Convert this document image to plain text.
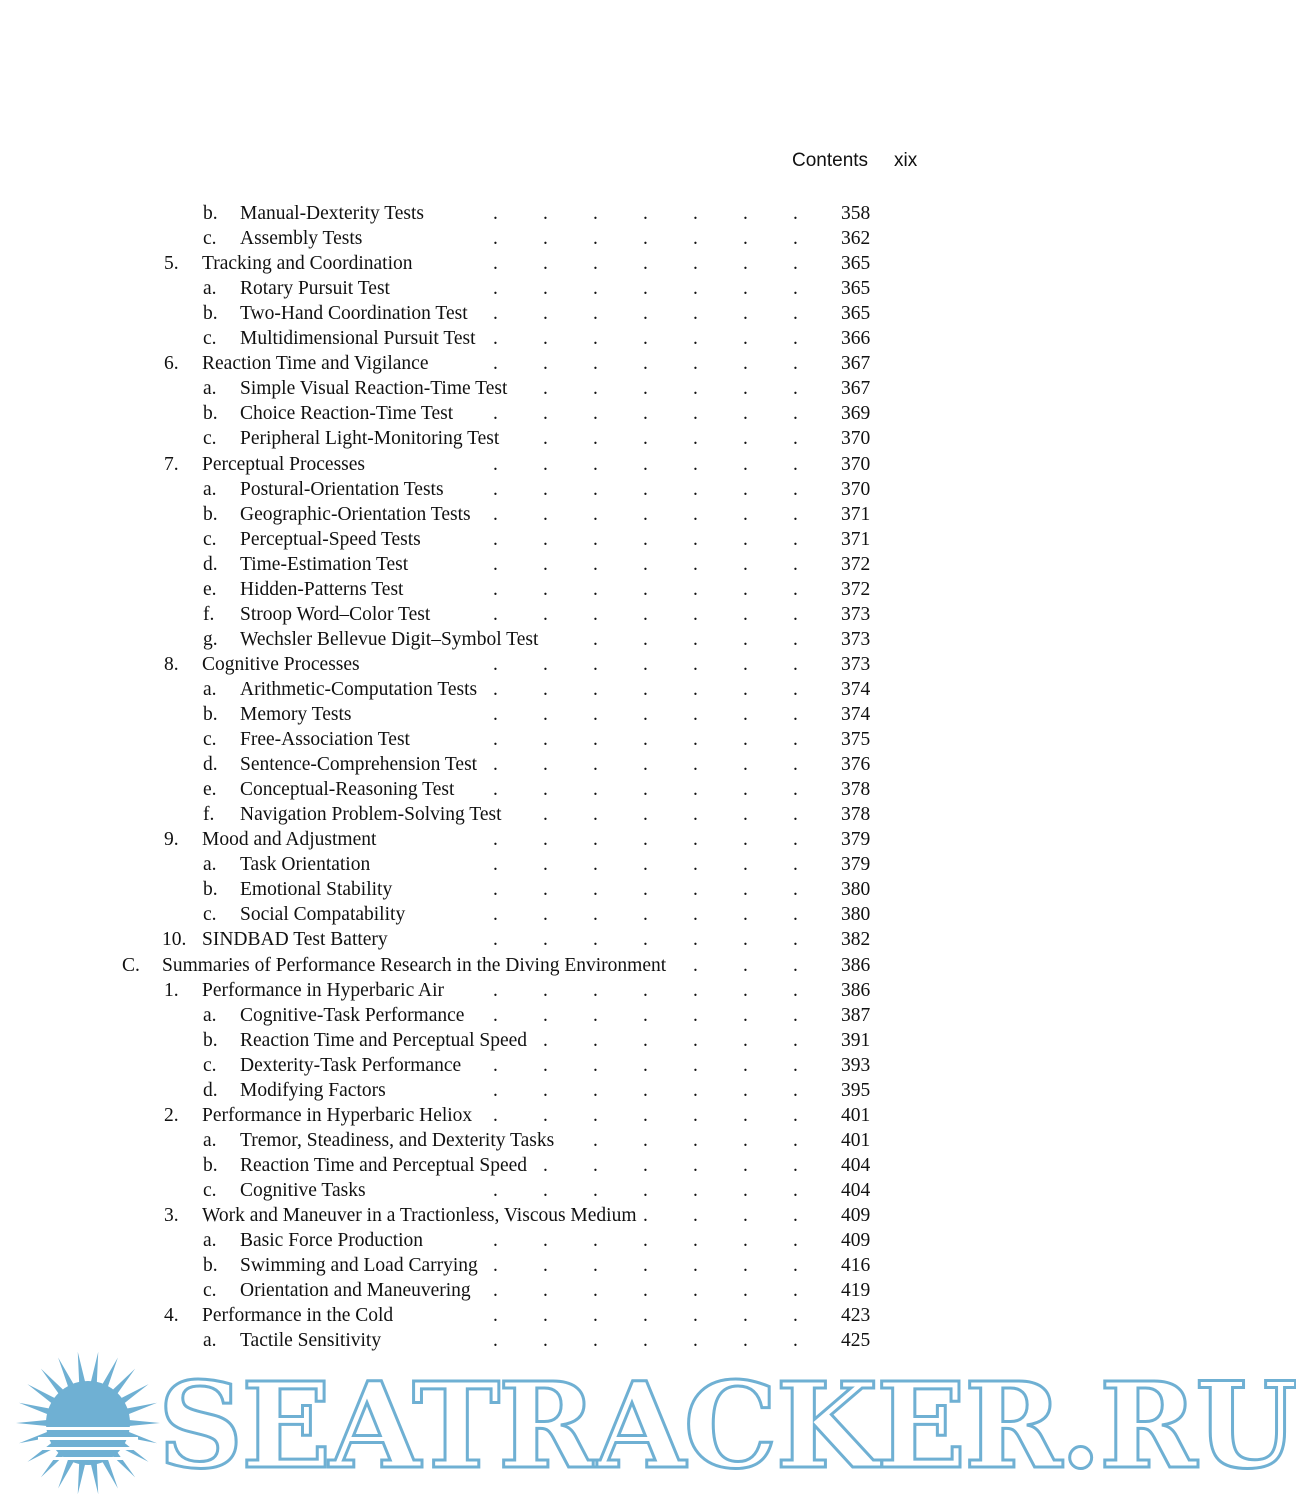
Contents xix
b. Manual-Dexterity Tests	. . . . . . . 358
c. Assembly Tests	. . . . . . . 362
5. Tracking and Coordination	. . . . . . . 365
a. Rotary Pursuit Test	. . . . . . . 365
b. Two-Hand Coordination Test . . . . . . . 365
c. Multidimensional Pursuit Test . . . . . . . 366
6. Reaction Time and Vigilance	. . . . . . . 367
a. Simple Visual Reaction-Time Test . . . . . . 367
b. Choice Reaction-Time Test . . . . . . . 369
c. Peripheral Light-Monitoring Test . . . . . . 370
7. Perceptual Processes	. . . . . . . 370
a. Postural-Orientation Tests	. . . . . . . 370
b. Geographic-Orientation Tests . . . . . . . 371
c. Perceptual-Speed Tests	. . . . . . . 371
d. Time-Estimation Test	. . . . . . . 372
e. Hidden-Patterns Test	. . . . . . . 372
f. Stroop Word–Color Test	. . . . . . . 373
g. Wechsler Bellevue Digit–Symbol Test	. . . . . 373
8. Cognitive Processes	. . . . . . . 373
a. Arithmetic-Computation Tests . . . . . . . 374
b. Memory Tests	. . . . . . . 374
c. Free-Association Test	. . . . . . . 375
d. Sentence-Comprehension Test . . . . . . . 376
e. Conceptual-Reasoning Test . . . . . . . 378
f. Navigation Problem-Solving Test . . . . . . 378
9. Mood and Adjustment	. . . . . . . 379
a. Task Orientation	. . . . . . . 379
b. Emotional Stability	. . . . . . . 380
c. Social Compatability	. . . . . . . 380
10. SINDBAD Test Battery	. . . . . . . 382
C. Summaries of Performance Research in the Diving Environment . . . 386
1. Performance in Hyperbaric Air	. . . . . . . 386
a. Cognitive-Task Performance . . . . . . . 387
b. Reaction Time and Perceptual Speed . . . . . . 391
c. Dexterity-Task Performance . . . . . . . 393
d. Modifying Factors	. . . . . . . 395
2. Performance in Hyperbaric Heliox . . . . . . . 401
a. Tremor, Steadiness, and Dexterity Tasks . . . . . 401
b. Reaction Time and Perceptual Speed . . . . . . 404
c. Cognitive Tasks	. . . . . . . 404
3. Work and Maneuver in a Tractionless, Viscous Medium . . . . 409
a. Basic Force Production	. . . . . . . 409
b. Swimming and Load Carrying . . . . . . . 416
c. Orientation and Maneuvering . . . . . . . 419
4. Performance in the Cold	. . . . . . . 423
a. Tactile Sensitivity	. . . . . . . 425
SEATRACKER.RU
